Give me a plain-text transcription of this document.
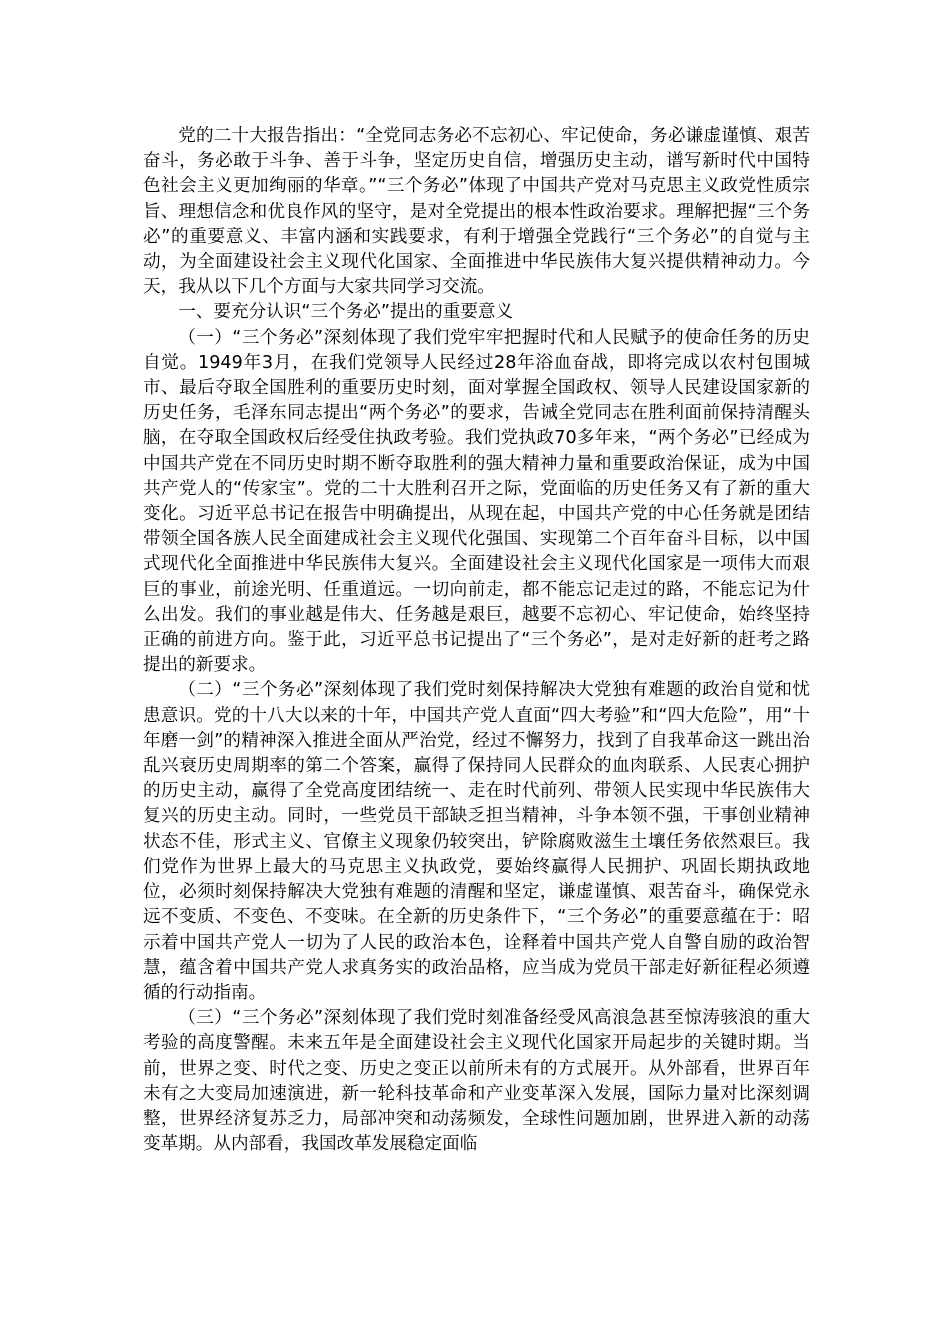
党的二十大报告指出：“全党同志务必不忘初心、牢记使命，务必谦虚谨慎、艰苦奋斗，务必敢于斗争、善于斗争，坚定历史自信，增强历史主动，谱写新时代中国特色社会主义更加绚丽的华章。”“三个务必”体现了中国共产党对马克思主义政党性质宗旨、理想信念和优良作风的坚守，是对全党提出的根本性政治要求。理解把握“三个务必”的重要意义、丰富内涵和实践要求，有利于增强全党践行“三个务必”的自觉与主动，为全面建设社会主义现代化国家、全面推进中华民族伟大复兴提供精神动力。今天，我从以下几个方面与大家共同学习交流。

一、要充分认识“三个务必”提出的重要意义

（一）“三个务必”深刻体现了我们党牢牢把握时代和人民赋予的使命任务的历史自觉。1949年3月，在我们党领导人民经过28年浴血奋战，即将完成以农村包围城市、最后夺取全国胜利的重要历史时刻，面对掌握全国政权、领导人民建设国家新的历史任务，毛泽东同志提出“两个务必”的要求，告诫全党同志在胜利面前保持清醒头脑，在夺取全国政权后经受住执政考验。我们党执政70多年来，“两个务必”已经成为中国共产党在不同历史时期不断夺取胜利的强大精神力量和重要政治保证，成为中国共产党人的“传家宝”。党的二十大胜利召开之际，党面临的历史任务又有了新的重大变化。习近平总书记在报告中明确提出，从现在起，中国共产党的中心任务就是团结带领全国各族人民全面建成社会主义现代化强国、实现第二个百年奋斗目标，以中国式现代化全面推进中华民族伟大复兴。全面建设社会主义现代化国家是一项伟大而艰巨的事业，前途光明、任重道远。一切向前走，都不能忘记走过的路，不能忘记为什么出发。我们的事业越是伟大、任务越是艰巨，越要不忘初心、牢记使命，始终坚持正确的前进方向。鉴于此，习近平总书记提出了“三个务必”，是对走好新的赶考之路提出的新要求。

（二）“三个务必”深刻体现了我们党时刻保持解决大党独有难题的政治自觉和忧患意识。党的十八大以来的十年，中国共产党人直面“四大考验”和“四大危险”，用“十年磨一剑”的精神深入推进全面从严治党，经过不懈努力，找到了自我革命这一跳出治乱兴衰历史周期率的第二个答案，赢得了保持同人民群众的血肉联系、人民衷心拥护的历史主动，赢得了全党高度团结统一、走在时代前列、带领人民实现中华民族伟大复兴的历史主动。同时，一些党员干部缺乏担当精神，斗争本领不强，干事创业精神状态不佳，形式主义、官僚主义现象仍较突出，铲除腐败滋生土壤任务依然艰巨。我们党作为世界上最大的马克思主义执政党，要始终赢得人民拥护、巩固长期执政地位，必须时刻保持解决大党独有难题的清醒和坚定，谦虚谨慎、艰苦奋斗，确保党永远不变质、不变色、不变味。在全新的历史条件下，“三个务必”的重要意蕴在于：昭示着中国共产党人一切为了人民的政治本色，诠释着中国共产党人自警自励的政治智慧，蕴含着中国共产党人求真务实的政治品格，应当成为党员干部走好新征程必须遵循的行动指南。

（三）“三个务必”深刻体现了我们党时刻准备经受风高浪急甚至惊涛骇浪的重大考验的高度警醒。未来五年是全面建设社会主义现代化国家开局起步的关键时期。当前，世界之变、时代之变、历史之变正以前所未有的方式展开。从外部看，世界百年未有之大变局加速演进，新一轮科技革命和产业变革深入发展，国际力量对比深刻调整，世界经济复苏乏力，局部冲突和动荡频发，全球性问题加剧，世界进入新的动荡变革期。从内部看，我国改革发展稳定面临
